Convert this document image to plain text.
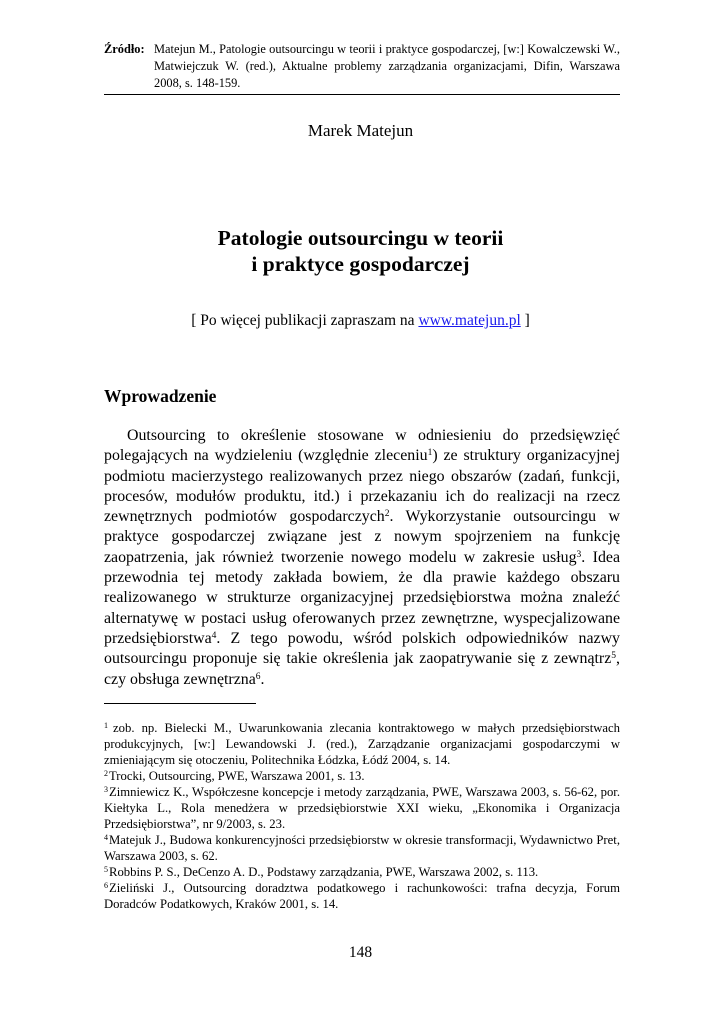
Źródło: Matejun M., Patologie outsourcingu w teorii i praktyce gospodarczej, [w:] Kowalczewski W., Matwiejczuk W. (red.), Aktualne problemy zarządzania organizacjami, Difin, Warszawa 2008, s. 148-159.
Marek Matejun
Patologie outsourcingu w teorii
i praktyce gospodarczej
[ Po więcej publikacji zapraszam na www.matejun.pl ]
Wprowadzenie

Outsourcing to określenie stosowane w odniesieniu do przedsięwzięć polegających na wydzieleniu (względnie zleceniu$^1$) ze struktury organizacyjnej podmiotu macierzystego realizowanych przez niego obszarów (zadań, funkcji, procesów, modułów produktu, itd.) i przekazaniu ich do realizacji na rzecz zewnętrznych podmiotów gospodarczych$^2$. Wykorzystanie outsourcingu w praktyce gospodarczej związane jest z nowym spojrzeniem na funkcję zaopatrzenia, jak również tworzenie nowego modelu w zakresie usług$^3$. Idea przewodnia tej metody zakłada bowiem, że dla prawie każdego obszaru realizowanego w strukturze organizacyjnej przedsiębiorstwa można znaleźć alternatywę w postaci usług oferowanych przez zewnętrzne, wyspecjalizowane przedsiębiorstwa$^4$. Z tego powodu, wśród polskich odpowiedników nazwy outsourcingu proponuje się takie określenia jak zaopatrywanie się z zewnątrz$^5$, czy obsługa zewnętrzna$^6$.

$^1$ zob. np. Bielecki M., Uwarunkowania zlecania kontraktowego w małych przedsiębiorstwach produkcyjnych, [w:] Lewandowski J. (red.), Zarządzanie organizacjami gospodarczymi w zmieniającym się otoczeniu, Politechnika Łódzka, Łódź 2004, s. 14.
$^2$Trocki, Outsourcing, PWE, Warszawa 2001, s. 13.
$^3$Zimniewicz K., Współczesne koncepcje i metody zarządzania, PWE, Warszawa 2003, s. 56-62, por. Kiełtyka L., Rola menedżera w przedsiębiorstwie XXI wieku, „Ekonomika i Organizacja Przedsiębiorstwa”, nr 9/2003, s. 23.
$^4$Matejuk J., Budowa konkurencyjności przedsiębiorstw w okresie transformacji, Wydawnictwo Pret, Warszawa 2003, s. 62.
$^5$Robbins P. S., DeCenzo A. D., Podstawy zarządzania, PWE, Warszawa 2002, s. 113.
$^6$Zieliński J., Outsourcing doradztwa podatkowego i rachunkowości: trafna decyzja, Forum Doradców Podatkowych, Kraków 2001, s. 14.
148
